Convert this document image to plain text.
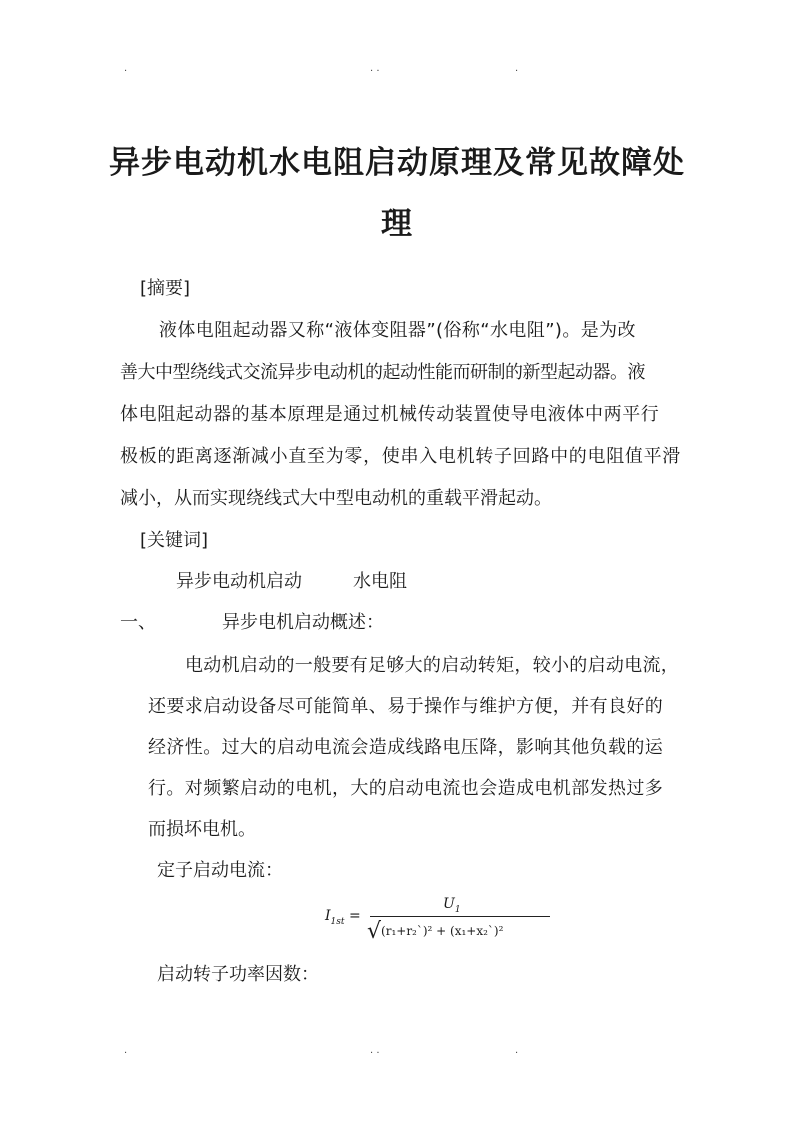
.	. .	.
异步电动机水电阻启动原理及常见故障处
理
[摘要]
液体电阻起动器又称“液体变阻器”(俗称“水电阻”)。是为改
善大中型绕线式交流异步电动机的起动性能而研制的新型起动器。液
体电阻起动器的基本原理是通过机械传动装置使导电液体中两平行
极板的距离逐渐减小直至为零，使串入电机转子回路中的电阻值平滑
减小，从而实现绕线式大中型电动机的重载平滑起动。
[关键词]
异步电动机启动	水电阻
一、	异步电机启动概述：
电动机启动的一般要有足够大的启动转矩，较小的启动电流，
还要求启动设备尽可能简单、易于操作与维护方便，并有良好的
经济性。过大的启动电流会造成线路电压降，影响其他负载的运
行。对频繁启动的电机，大的启动电流也会造成电机部发热过多
而损坏电机。
定子启动电流：
$I_{1st}$ =
$U_1$
√(r₁+r₂`)² + (x₁+x₂`)²
启动转子功率因数：
.	. .	.
